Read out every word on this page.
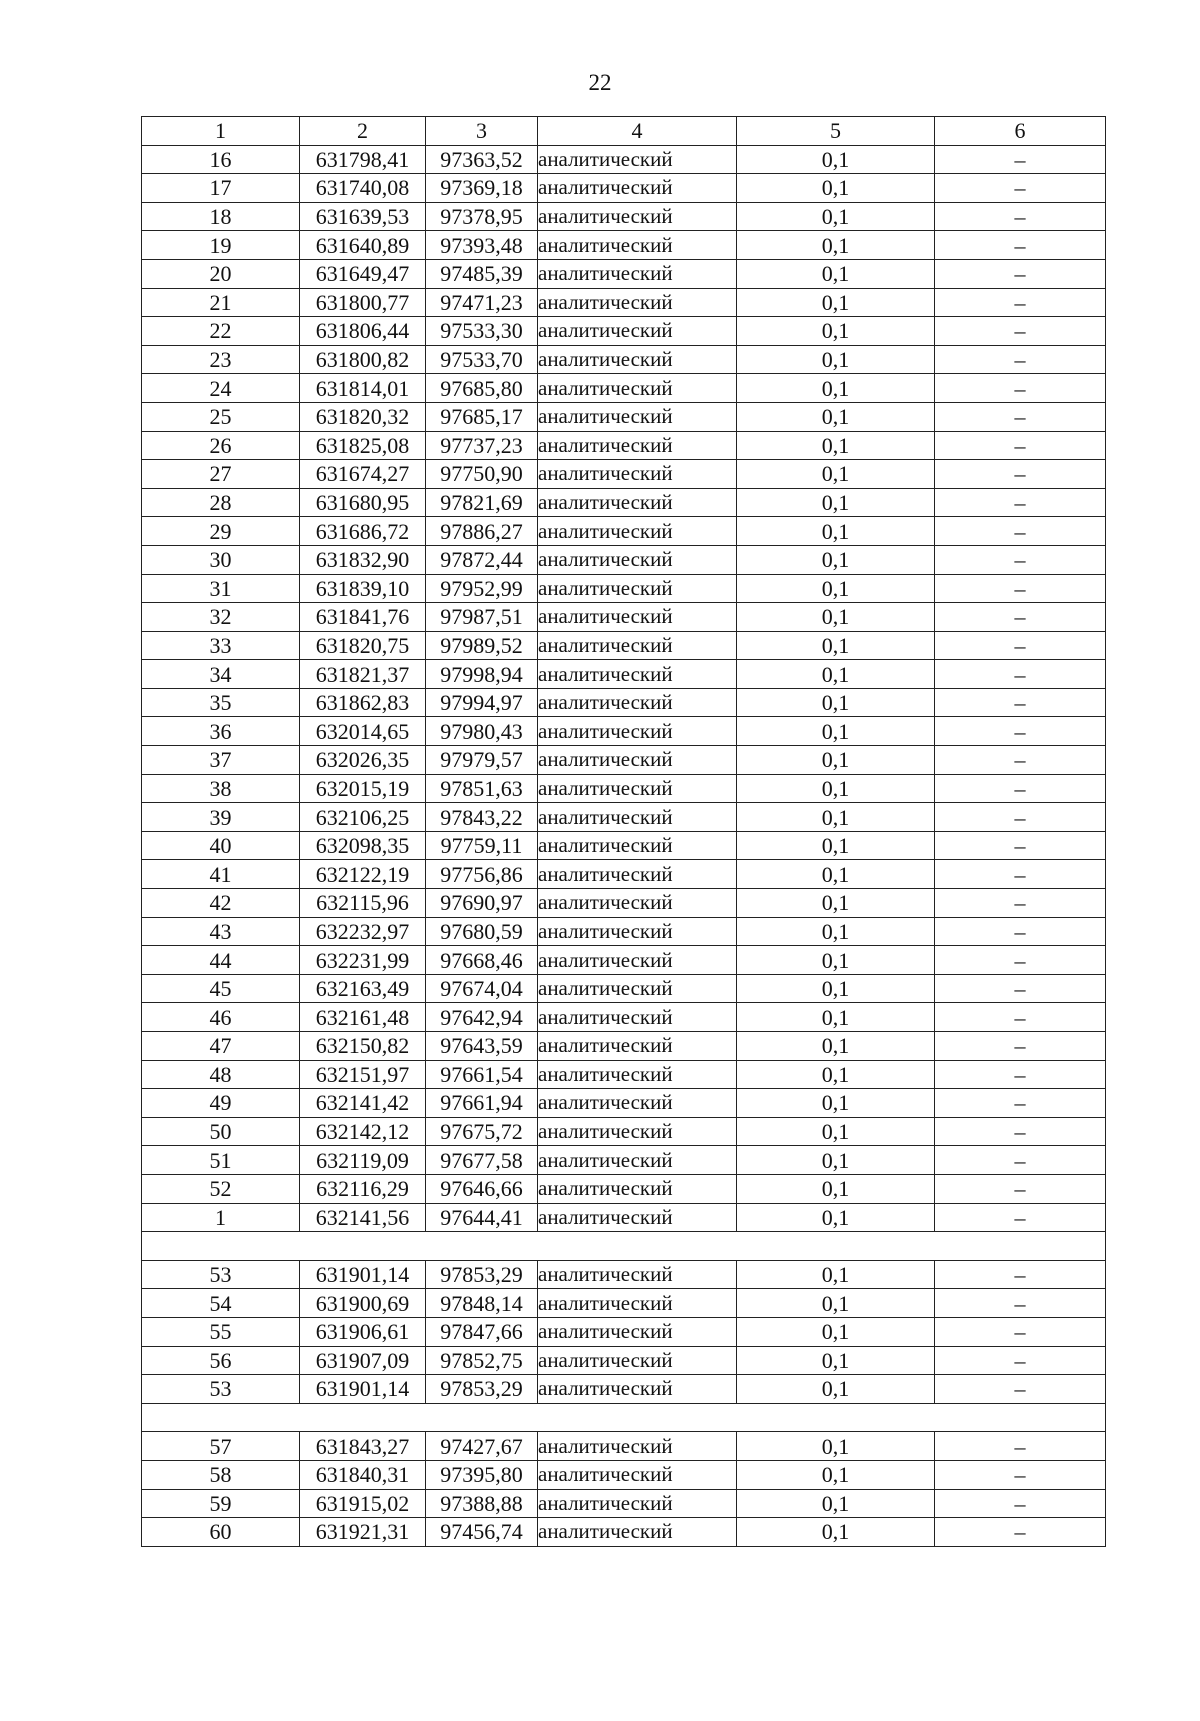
22
1	2	3	4	5	6
16	631798,41	97363,52	аналитический	0,1	–
17	631740,08	97369,18	аналитический	0,1	–
18	631639,53	97378,95	аналитический	0,1	–
19	631640,89	97393,48	аналитический	0,1	–
20	631649,47	97485,39	аналитический	0,1	–
21	631800,77	97471,23	аналитический	0,1	–
22	631806,44	97533,30	аналитический	0,1	–
23	631800,82	97533,70	аналитический	0,1	–
24	631814,01	97685,80	аналитический	0,1	–
25	631820,32	97685,17	аналитический	0,1	–
26	631825,08	97737,23	аналитический	0,1	–
27	631674,27	97750,90	аналитический	0,1	–
28	631680,95	97821,69	аналитический	0,1	–
29	631686,72	97886,27	аналитический	0,1	–
30	631832,90	97872,44	аналитический	0,1	–
31	631839,10	97952,99	аналитический	0,1	–
32	631841,76	97987,51	аналитический	0,1	–
33	631820,75	97989,52	аналитический	0,1	–
34	631821,37	97998,94	аналитический	0,1	–
35	631862,83	97994,97	аналитический	0,1	–
36	632014,65	97980,43	аналитический	0,1	–
37	632026,35	97979,57	аналитический	0,1	–
38	632015,19	97851,63	аналитический	0,1	–
39	632106,25	97843,22	аналитический	0,1	–
40	632098,35	97759,11	аналитический	0,1	–
41	632122,19	97756,86	аналитический	0,1	–
42	632115,96	97690,97	аналитический	0,1	–
43	632232,97	97680,59	аналитический	0,1	–
44	632231,99	97668,46	аналитический	0,1	–
45	632163,49	97674,04	аналитический	0,1	–
46	632161,48	97642,94	аналитический	0,1	–
47	632150,82	97643,59	аналитический	0,1	–
48	632151,97	97661,54	аналитический	0,1	–
49	632141,42	97661,94	аналитический	0,1	–
50	632142,12	97675,72	аналитический	0,1	–
51	632119,09	97677,58	аналитический	0,1	–
52	632116,29	97646,66	аналитический	0,1	–
1	632141,56	97644,41	аналитический	0,1	–

53	631901,14	97853,29	аналитический	0,1	–
54	631900,69	97848,14	аналитический	0,1	–
55	631906,61	97847,66	аналитический	0,1	–
56	631907,09	97852,75	аналитический	0,1	–
53	631901,14	97853,29	аналитический	0,1	–

57	631843,27	97427,67	аналитический	0,1	–
58	631840,31	97395,80	аналитический	0,1	–
59	631915,02	97388,88	аналитический	0,1	–
60	631921,31	97456,74	аналитический	0,1	–
